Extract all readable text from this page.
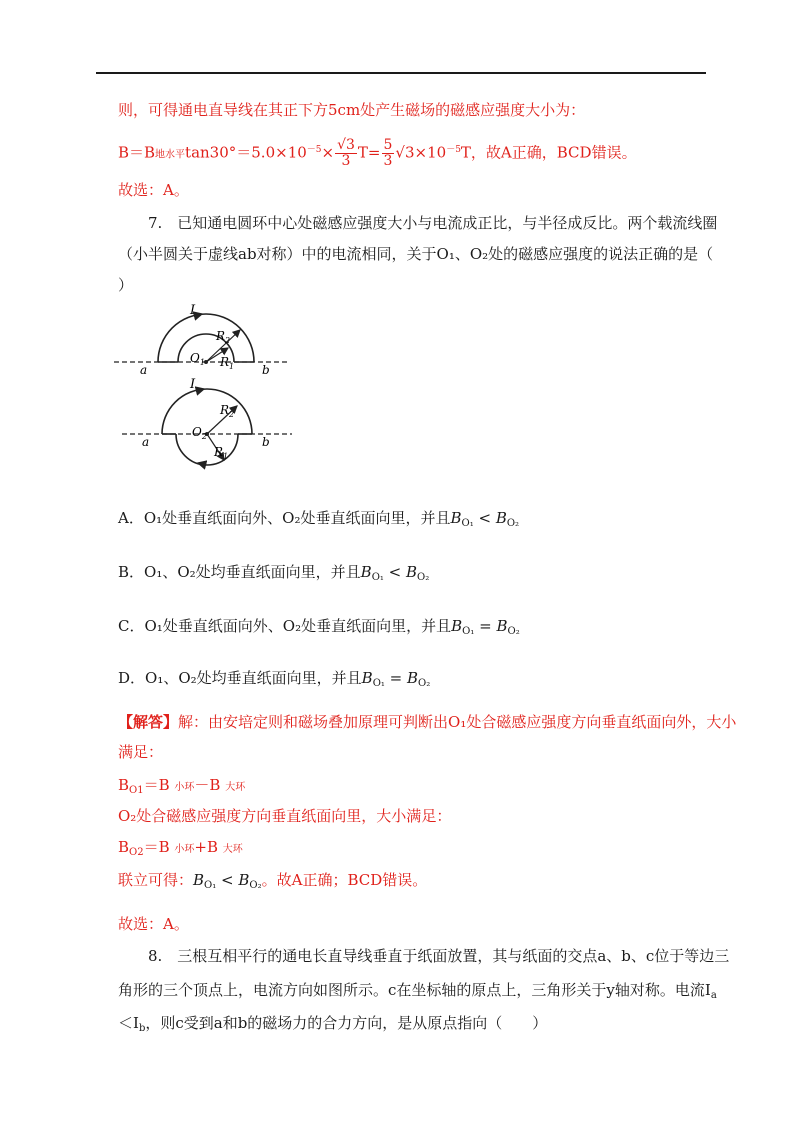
则，可得通电直导线在其正下方5cm处产生磁场的磁感应强度大小为：
B＝B地水平$\tan 30^\circ=5.0\times 10^{-5}\times \frac{√3}{3} T= \frac{5}{3} √3\times 10^{-5}T$，故A正确，BCD错误。
故选：A。
7.　已知通电圆环中心处磁感应强度大小与电流成正比，与半径成反比。两个载流线圈
（小半圆关于虚线ab对称）中的电流相同，关于O₁、O₂处的磁感应强度的说法正确的是（
）
I
$R_2$
$R_1$
$O_1$
a	b
I
$R_2$
$R_1$
$O_2$
a	b
A．O₁处垂直纸面向外、O₂处垂直纸面向里，并且$B_{O_1} < B_{O_2}$
B．O₁、O₂处均垂直纸面向里，并且$B_{O_1} < B_{O_2}$
C．O₁处垂直纸面向外、O₂处垂直纸面向里，并且$B_{O_1} = B_{O_2}$
D．O₁、O₂处均垂直纸面向里，并且$B_{O_1} = B_{O_2}$
【解答】解：由安培定则和磁场叠加原理可判断出O₁处合磁感应强度方向垂直纸面向外，大小
满足：
$B_{O1}=B$ 小环－B 大环
O₂处合磁感应强度方向垂直纸面向里，大小满足：
$B_{O2}=B$ 小环+B 大环
联立可得：$B_{O_1} < B_{O_2}$。故A正确；BCD错误。
故选：A。
8.　三根互相平行的通电长直导线垂直于纸面放置，其与纸面的交点a、b、c位于等边三
角形的三个顶点上，电流方向如图所示。c在坐标轴的原点上，三角形关于y轴对称。电流$I_a$
$<I_b$，则c受到a和b的磁场力的合力方向，是从原点指向（　　）
